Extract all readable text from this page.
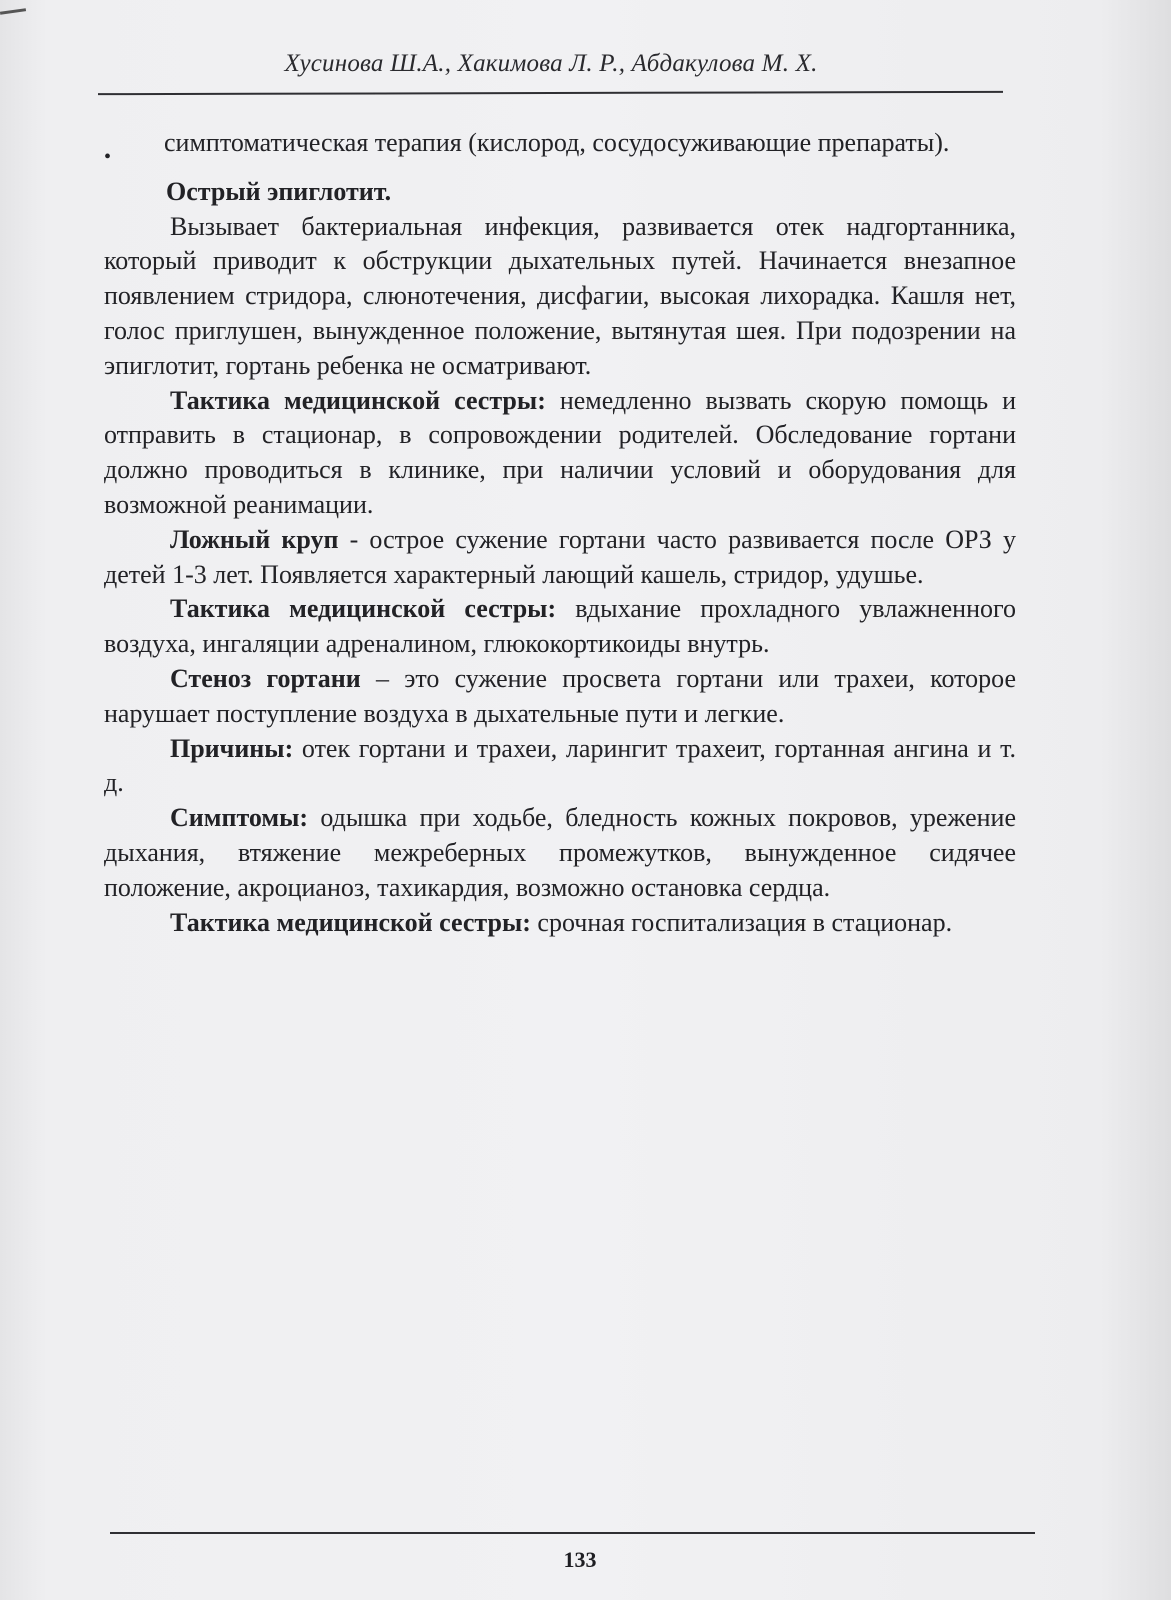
Хусинова Ш.А., Хакимова Л. Р., Абдакулова М. Х.
•	симптоматическая терапия (кислород, сосудосуживающие препараты).

Острый эпиглотит.

Вызывает бактериальная инфекция, развивается отек надгортанника, который приводит к обструкции дыхательных путей. Начинается внезапное появлением стридора, слюнотечения, дисфагии, высокая лихорадка. Кашля нет, голос приглушен, вынужденное положение, вытянутая шея. При подозрении на эпиглотит, гортань ребенка не осматривают.

Тактика медицинской сестры: немедленно вызвать скорую помощь и отправить в стационар, в сопровождении родителей. Обследование гортани должно проводиться в клинике, при наличии условий и оборудования для возможной реанимации.

Ложный круп - острое сужение гортани часто развивается после ОРЗ у детей 1-3 лет. Появляется характерный лающий кашель, стридор, удушье.

Тактика медицинской сестры: вдыхание прохладного увлажненного воздуха, ингаляции адреналином, глюкокортикоиды внутрь.

Стеноз гортани – это сужение просвета гортани или трахеи, которое нарушает поступление воздуха в дыхательные пути и легкие.

Причины: отек гортани и трахеи, ларингит трахеит, гортанная ангина и т. д.

Симптомы: одышка при ходьбе, бледность кожных покровов, урежение дыхания, втяжение межреберных промежутков, вынужденное сидячее положение, акроцианоз, тахикардия, возможно остановка сердца.

Тактика медицинской сестры: срочная госпитализация в стационар.

133
